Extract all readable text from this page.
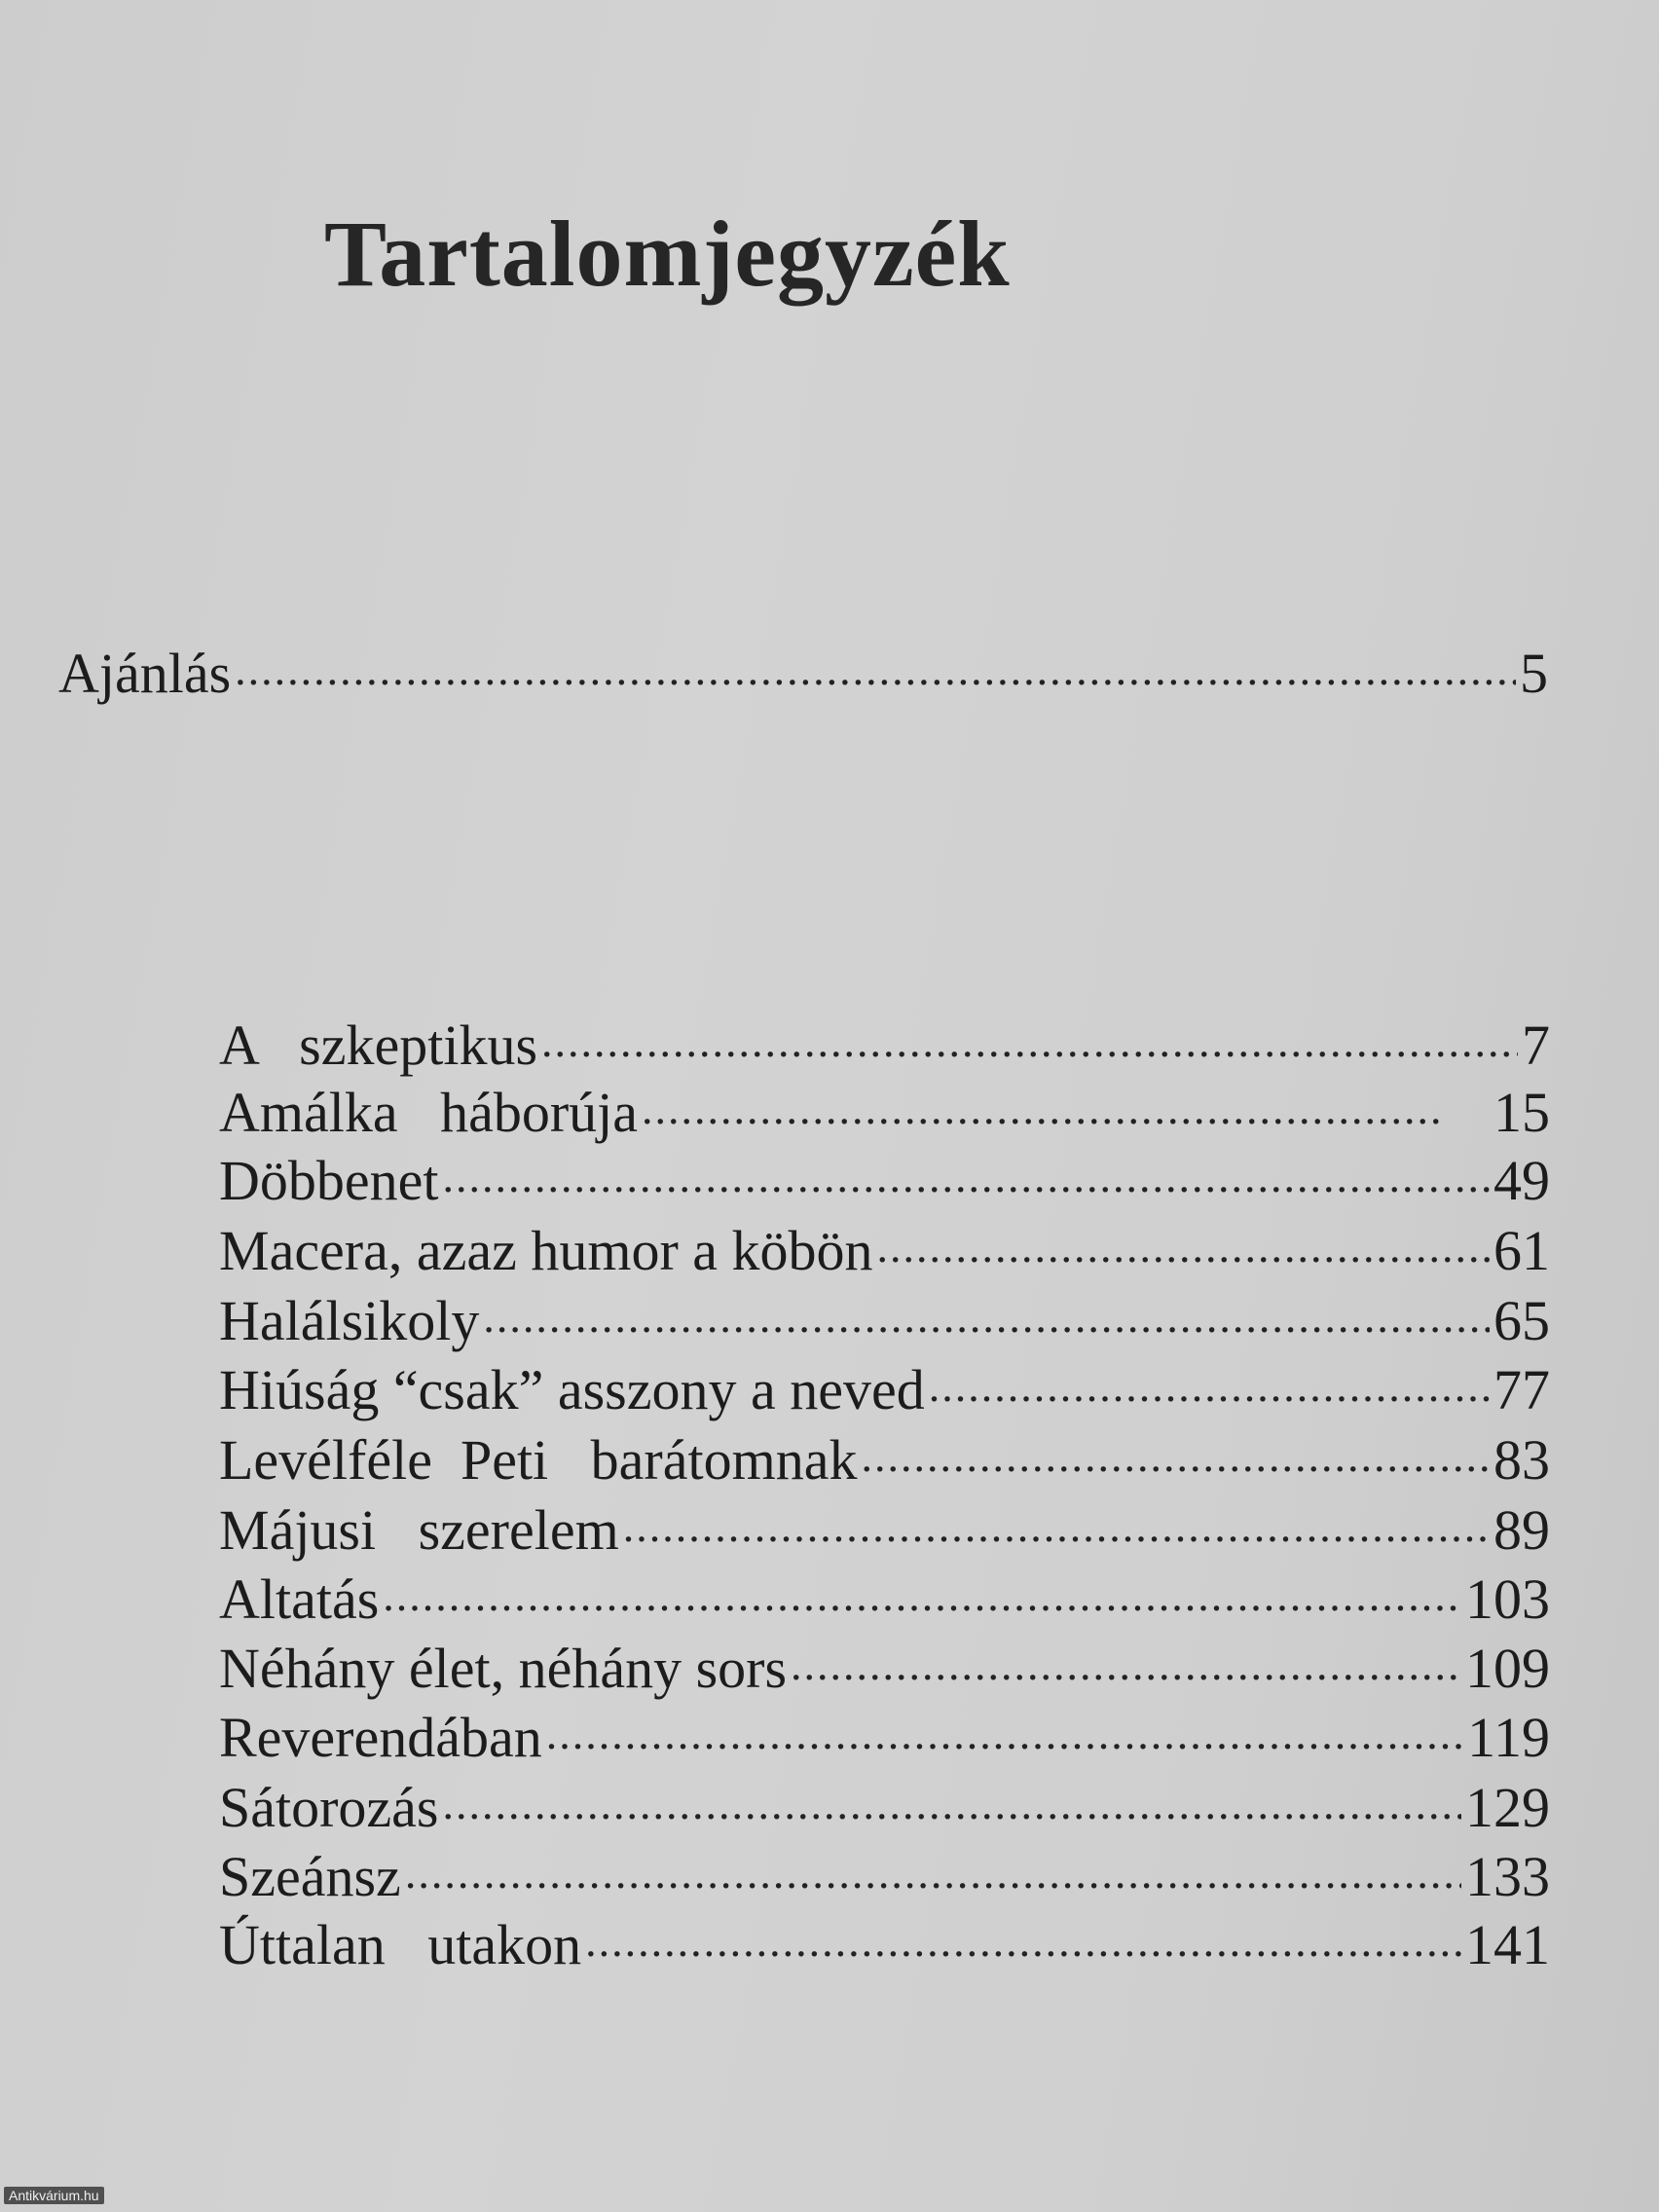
Tartalomjegyzék
Ajánlás .....	5
A   szkeptikus .....	7
Amálka   háborúja .....	15
Döbbenet .....	49
Macera, azaz humor a köbön .....	61
Halálsikoly .....	65
Hiúság “csak” asszony a neved .....	77
Levélféle  Peti   barátomnak .....	83
Májusi   szerelem .....	89
Altatás .....	103
Néhány élet, néhány sors .....	109
Reverendában .....	119
Sátorozás .....	129
Szeánsz .....	133
Úttalan   utakon .....	141
Antikvárium.hu
